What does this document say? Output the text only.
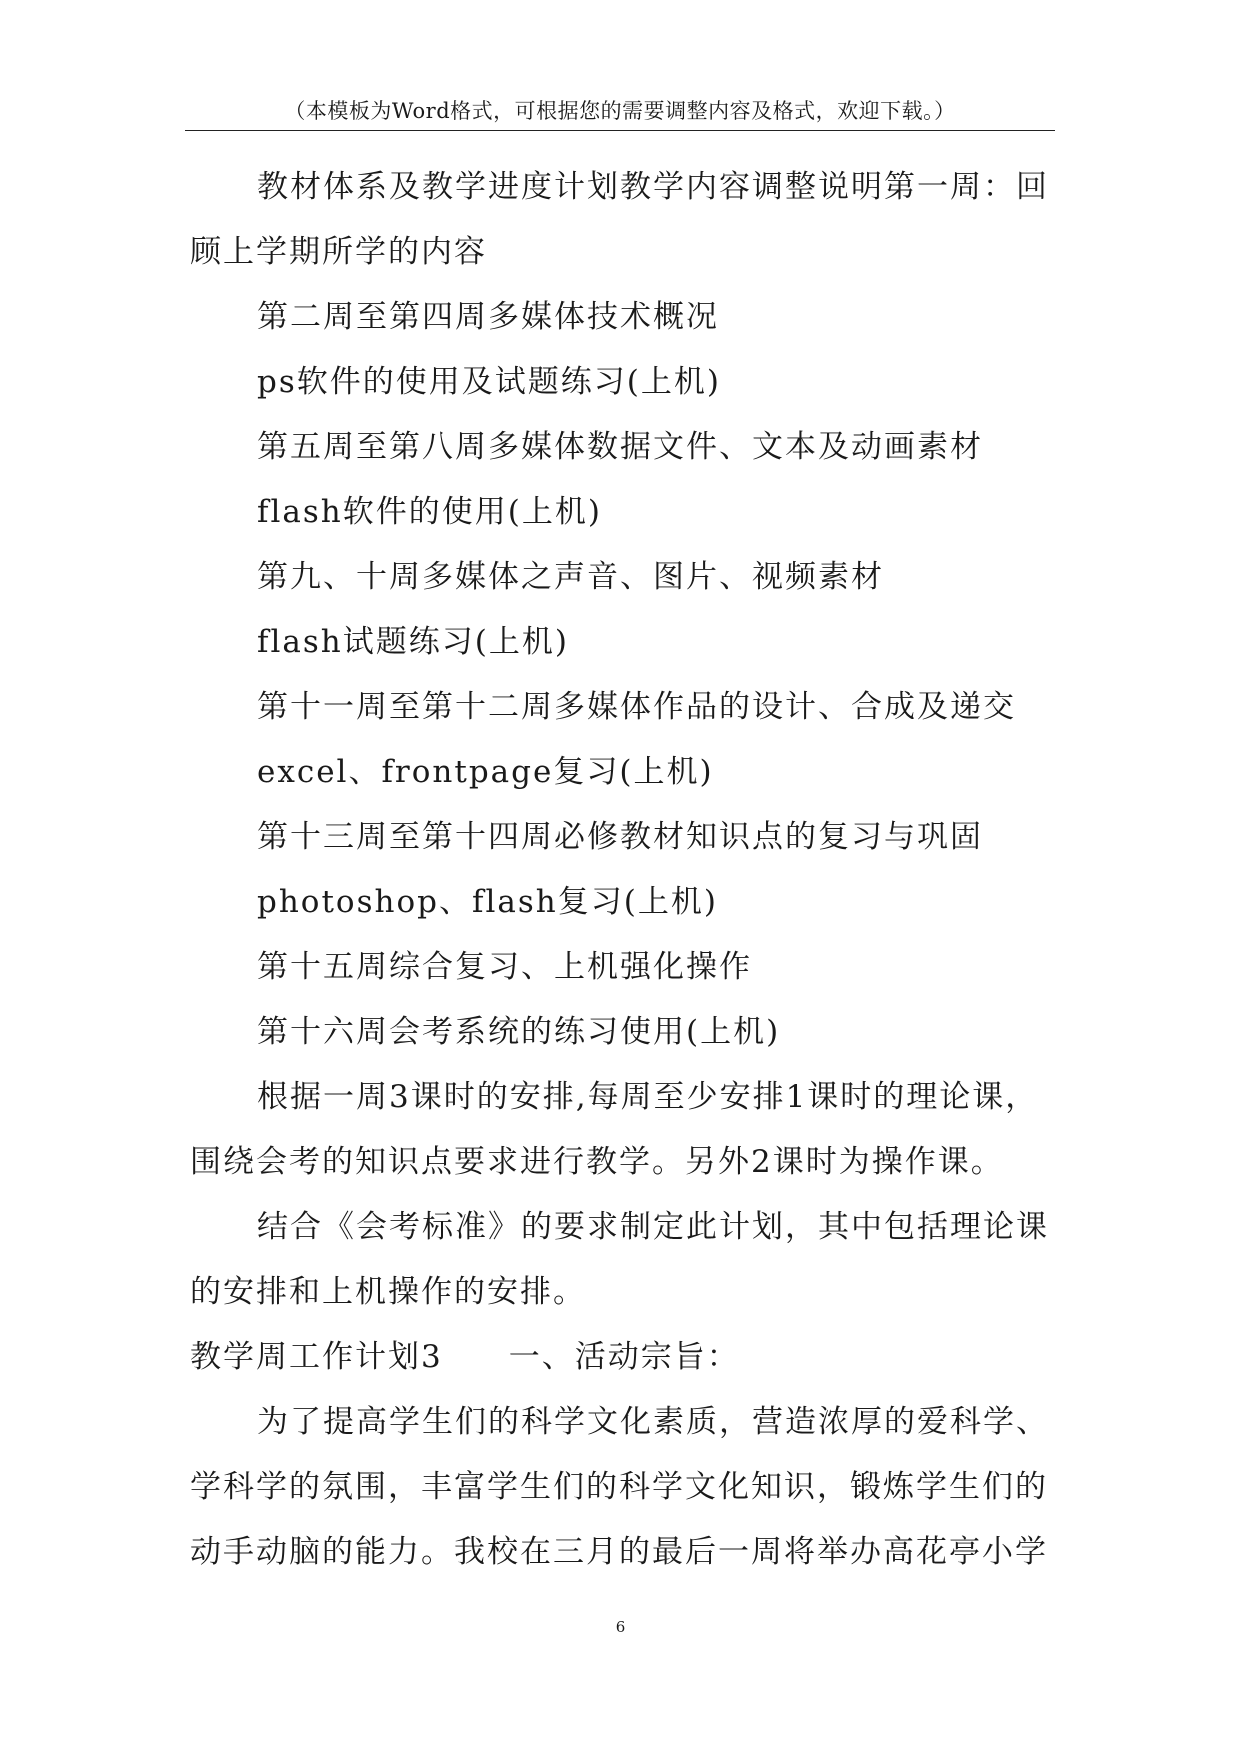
（本模板为Word格式，可根据您的需要调整内容及格式，欢迎下载。）

教材体系及教学进度计划教学内容调整说明第一周：回顾上学期所学的内容

第二周至第四周多媒体技术概况

ps软件的使用及试题练习(上机)

第五周至第八周多媒体数据文件、文本及动画素材

flash软件的使用(上机)

第九、十周多媒体之声音、图片、视频素材

flash试题练习(上机)

第十一周至第十二周多媒体作品的设计、合成及递交

excel、frontpage复习(上机)

第十三周至第十四周必修教材知识点的复习与巩固

photoshop、flash复习(上机)

第十五周综合复习、上机强化操作

第十六周会考系统的练习使用(上机)

根据一周3课时的安排,每周至少安排1课时的理论课，围绕会考的知识点要求进行教学。另外2课时为操作课。

结合《会考标准》的要求制定此计划，其中包括理论课的安排和上机操作的安排。

教学周工作计划3　　一、活动宗旨：

为了提高学生们的科学文化素质，营造浓厚的爱科学、学科学的氛围，丰富学生们的科学文化知识，锻炼学生们的动手动脑的能力。我校在三月的最后一周将举办高花亭小学

6
